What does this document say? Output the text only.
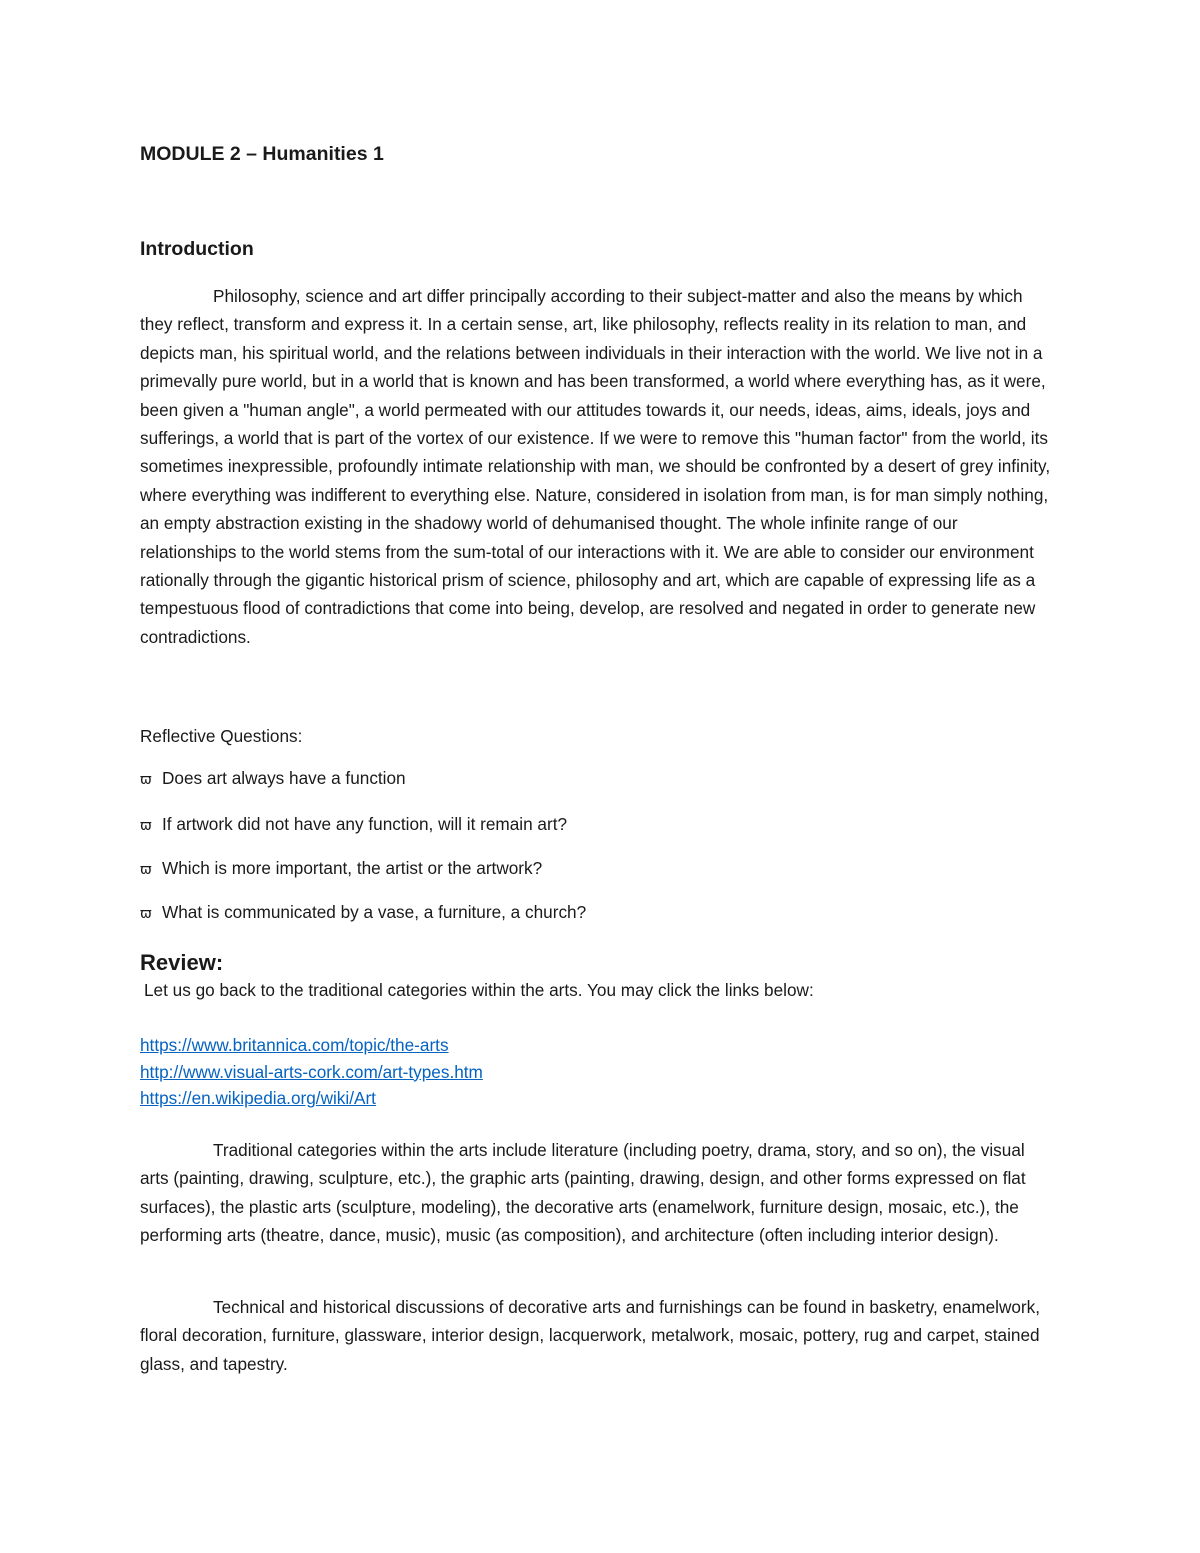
MODULE 2 – Humanities 1
Introduction

Philosophy, science and art differ principally according to their subject-matter and also the means by which they reflect, transform and express it. In a certain sense, art, like philosophy, reflects reality in its relation to man, and depicts man, his spiritual world, and the relations between individuals in their interaction with the world. We live not in a primevally pure world, but in a world that is known and has been transformed, a world where everything has, as it were, been given a "human angle", a world permeated with our attitudes towards it, our needs, ideas, aims, ideals, joys and sufferings, a world that is part of the vortex of our existence. If we were to remove this "human factor" from the world, its sometimes inexpressible, profoundly intimate relationship with man, we should be confronted by a desert of grey infinity, where everything was indifferent to everything else. Nature, considered in isolation from man, is for man simply nothing, an empty abstraction existing in the shadowy world of dehumanised thought. The whole infinite range of our relationships to the world stems from the sum-total of our interactions with it. We are able to consider our environment rationally through the gigantic historical prism of science, philosophy and art, which are capable of expressing life as a tempestuous flood of contradictions that come into being, develop, are resolved and negated in order to generate new contradictions.

Reflective Questions:
ϖ Does art always have a function
ϖ If artwork did not have any function, will it remain art?
ϖ Which is more important, the artist or the artwork?
ϖ What is communicated by a vase, a furniture, a church?
Review:
Let us go back to the traditional categories within the arts. You may click the links below:
https://www.britannica.com/topic/the-arts
http://www.visual-arts-cork.com/art-types.htm
https://en.wikipedia.org/wiki/Art

Traditional categories within the arts include literature (including poetry, drama, story, and so on), the visual arts (painting, drawing, sculpture, etc.), the graphic arts (painting, drawing, design, and other forms expressed on flat surfaces), the plastic arts (sculpture, modeling), the decorative arts (enamelwork, furniture design, mosaic, etc.), the performing arts (theatre, dance, music), music (as composition), and architecture (often including interior design).

Technical and historical discussions of decorative arts and furnishings can be found in basketry, enamelwork, floral decoration, furniture, glassware, interior design, lacquerwork, metalwork, mosaic, pottery, rug and carpet, stained glass, and tapestry.
